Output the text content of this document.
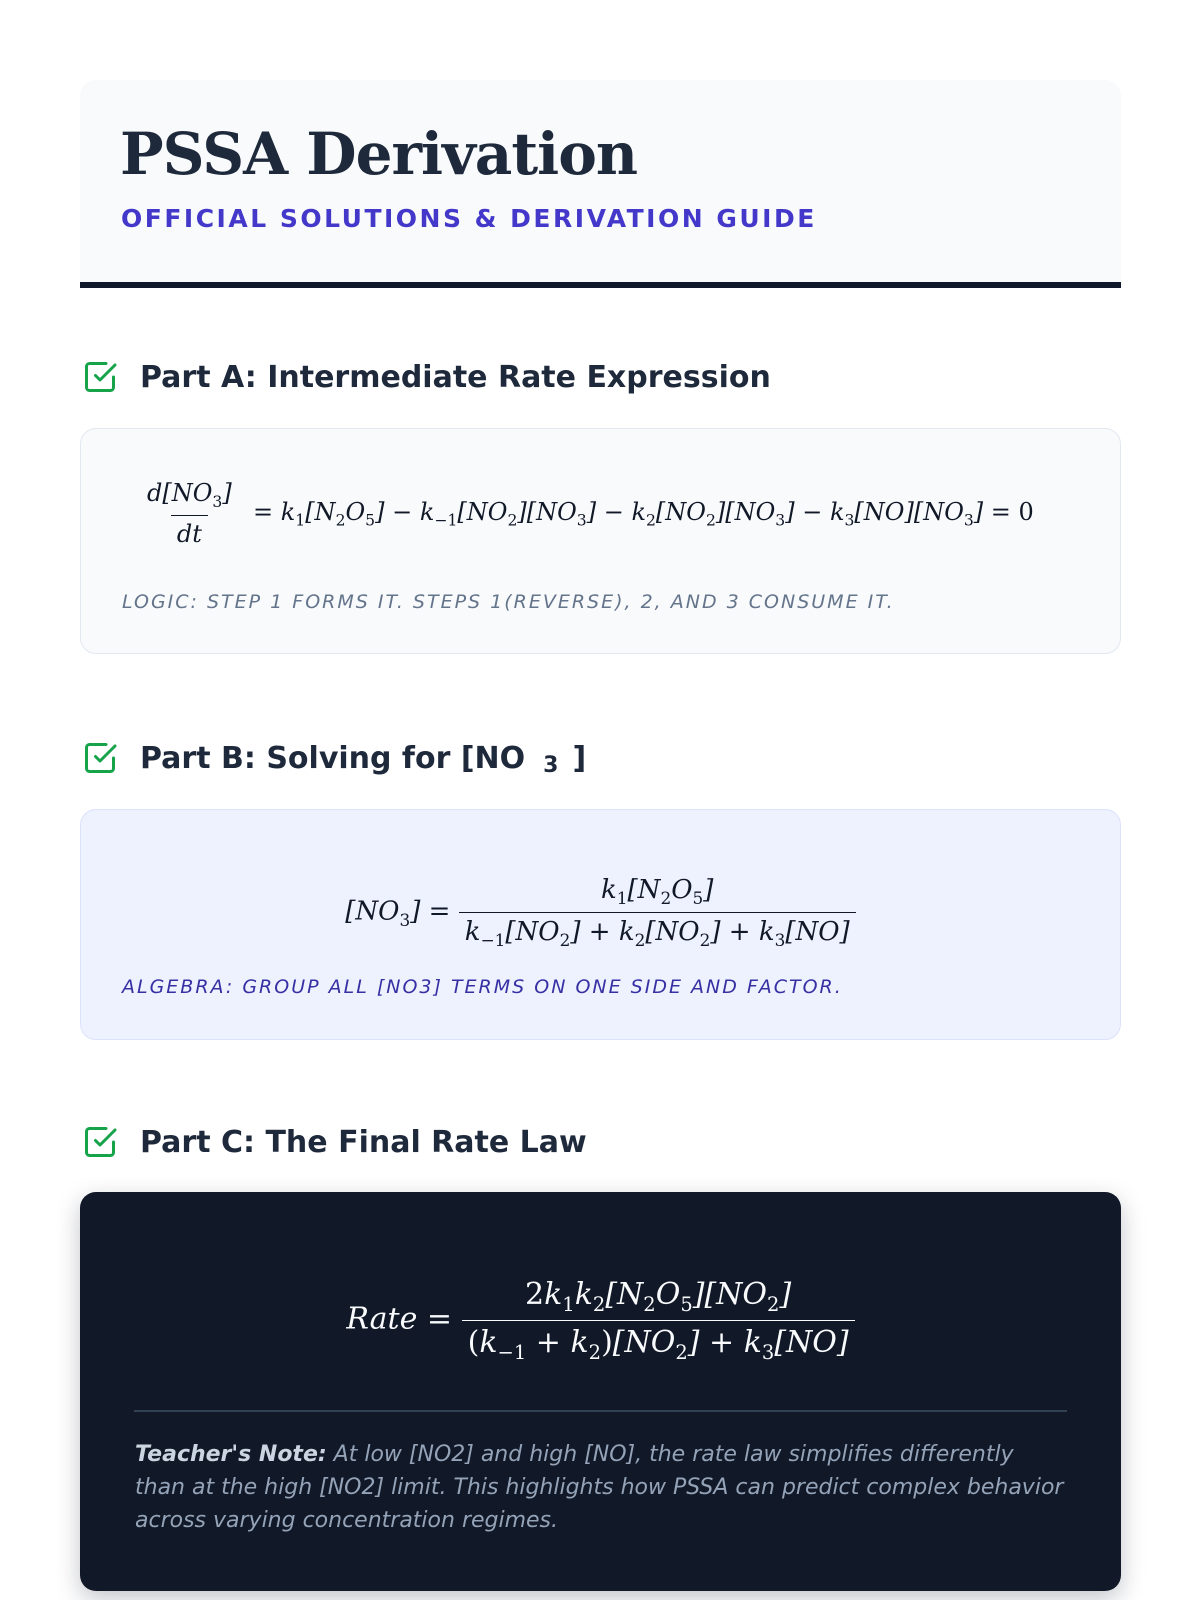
PSSA Derivation
OFFICIAL SOLUTIONS & DERIVATION GUIDE
Part A: Intermediate Rate Expression
$\frac{d[NO_3]}{dt} = k_1[N_2O_5] - k_{-1}[NO_2][NO_3] - k_2[NO_2][NO_3] - k_3[NO][NO_3] = 0$
LOGIC: STEP 1 FORMS IT. STEPS 1(REVERSE), 2, AND 3 CONSUME IT.
Part B: Solving for [NO 3 ]
$[NO_3] = \frac{k_1[N_2O_5]}{k_{-1}[NO_2] + k_2[NO_2] + k_3[NO]}$
ALGEBRA: GROUP ALL [NO3] TERMS ON ONE SIDE AND FACTOR.
Part C: The Final Rate Law
Rate = $\frac{2k_1k_2[N_2O_5][NO_2]}{(k_{-1} + k_2)[NO_2] + k_3[NO]}$
Teacher's Note: At low [NO2] and high [NO], the rate law simplifies differently than at the high [NO2] limit. This highlights how PSSA can predict complex behavior across varying concentration regimes.
